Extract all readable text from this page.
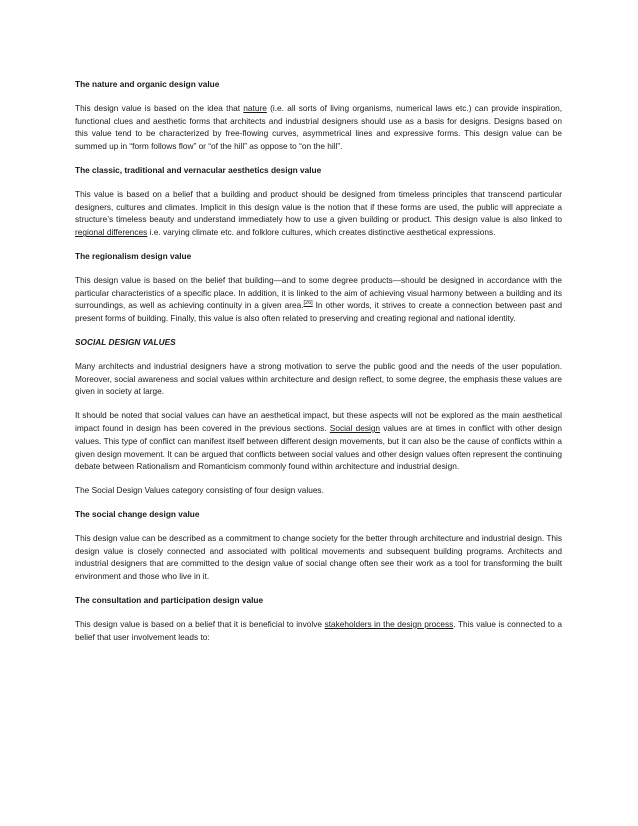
The nature and organic design value
This design value is based on the idea that nature (i.e. all sorts of living organisms, numerical laws etc.) can provide inspiration, functional clues and aesthetic forms that architects and industrial designers should use as a basis for designs. Designs based on this value tend to be characterized by free-flowing curves, asymmetrical lines and expressive forms. This design value can be summed up in “form follows flow” or “of the hill” as oppose to “on the hill”.
The classic, traditional and vernacular aesthetics design value
This value is based on a belief that a building and product should be designed from timeless principles that transcend particular designers, cultures and climates. Implicit in this design value is the notion that if these forms are used, the public will appreciate a structure’s timeless beauty and understand immediately how to use a given building or product. This design value is also linked to regional differences i.e. varying climate etc. and folklore cultures, which creates distinctive aesthetical expressions.
The regionalism design value
This design value is based on the belief that building—and to some degree products—should be designed in accordance with the particular characteristics of a specific place. In addition, it is linked to the aim of achieving visual harmony between a building and its surroundings, as well as achieving continuity in a given area.[26] In other words, it strives to create a connection between past and present forms of building. Finally, this value is also often related to preserving and creating regional and national identity.
SOCIAL DESIGN VALUES
Many architects and industrial designers have a strong motivation to serve the public good and the needs of the user population. Moreover, social awareness and social values within architecture and design reflect, to some degree, the emphasis these values are given in society at large.
It should be noted that social values can have an aesthetical impact, but these aspects will not be explored as the main aesthetical impact found in design has been covered in the previous sections. Social design values are at times in conflict with other design values. This type of conflict can manifest itself between different design movements, but it can also be the cause of conflicts within a given design movement. It can be argued that conflicts between social values and other design values often represent the continuing debate between Rationalism and Romanticism commonly found within architecture and industrial design.
The Social Design Values category consisting of four design values.
The social change design value
This design value can be described as a commitment to change society for the better through architecture and industrial design. This design value is closely connected and associated with political movements and subsequent building programs. Architects and industrial designers that are committed to the design value of social change often see their work as a tool for transforming the built environment and those who live in it.
The consultation and participation design value
This design value is based on a belief that it is beneficial to involve stakeholders in the design process. This value is connected to a belief that user involvement leads to:
